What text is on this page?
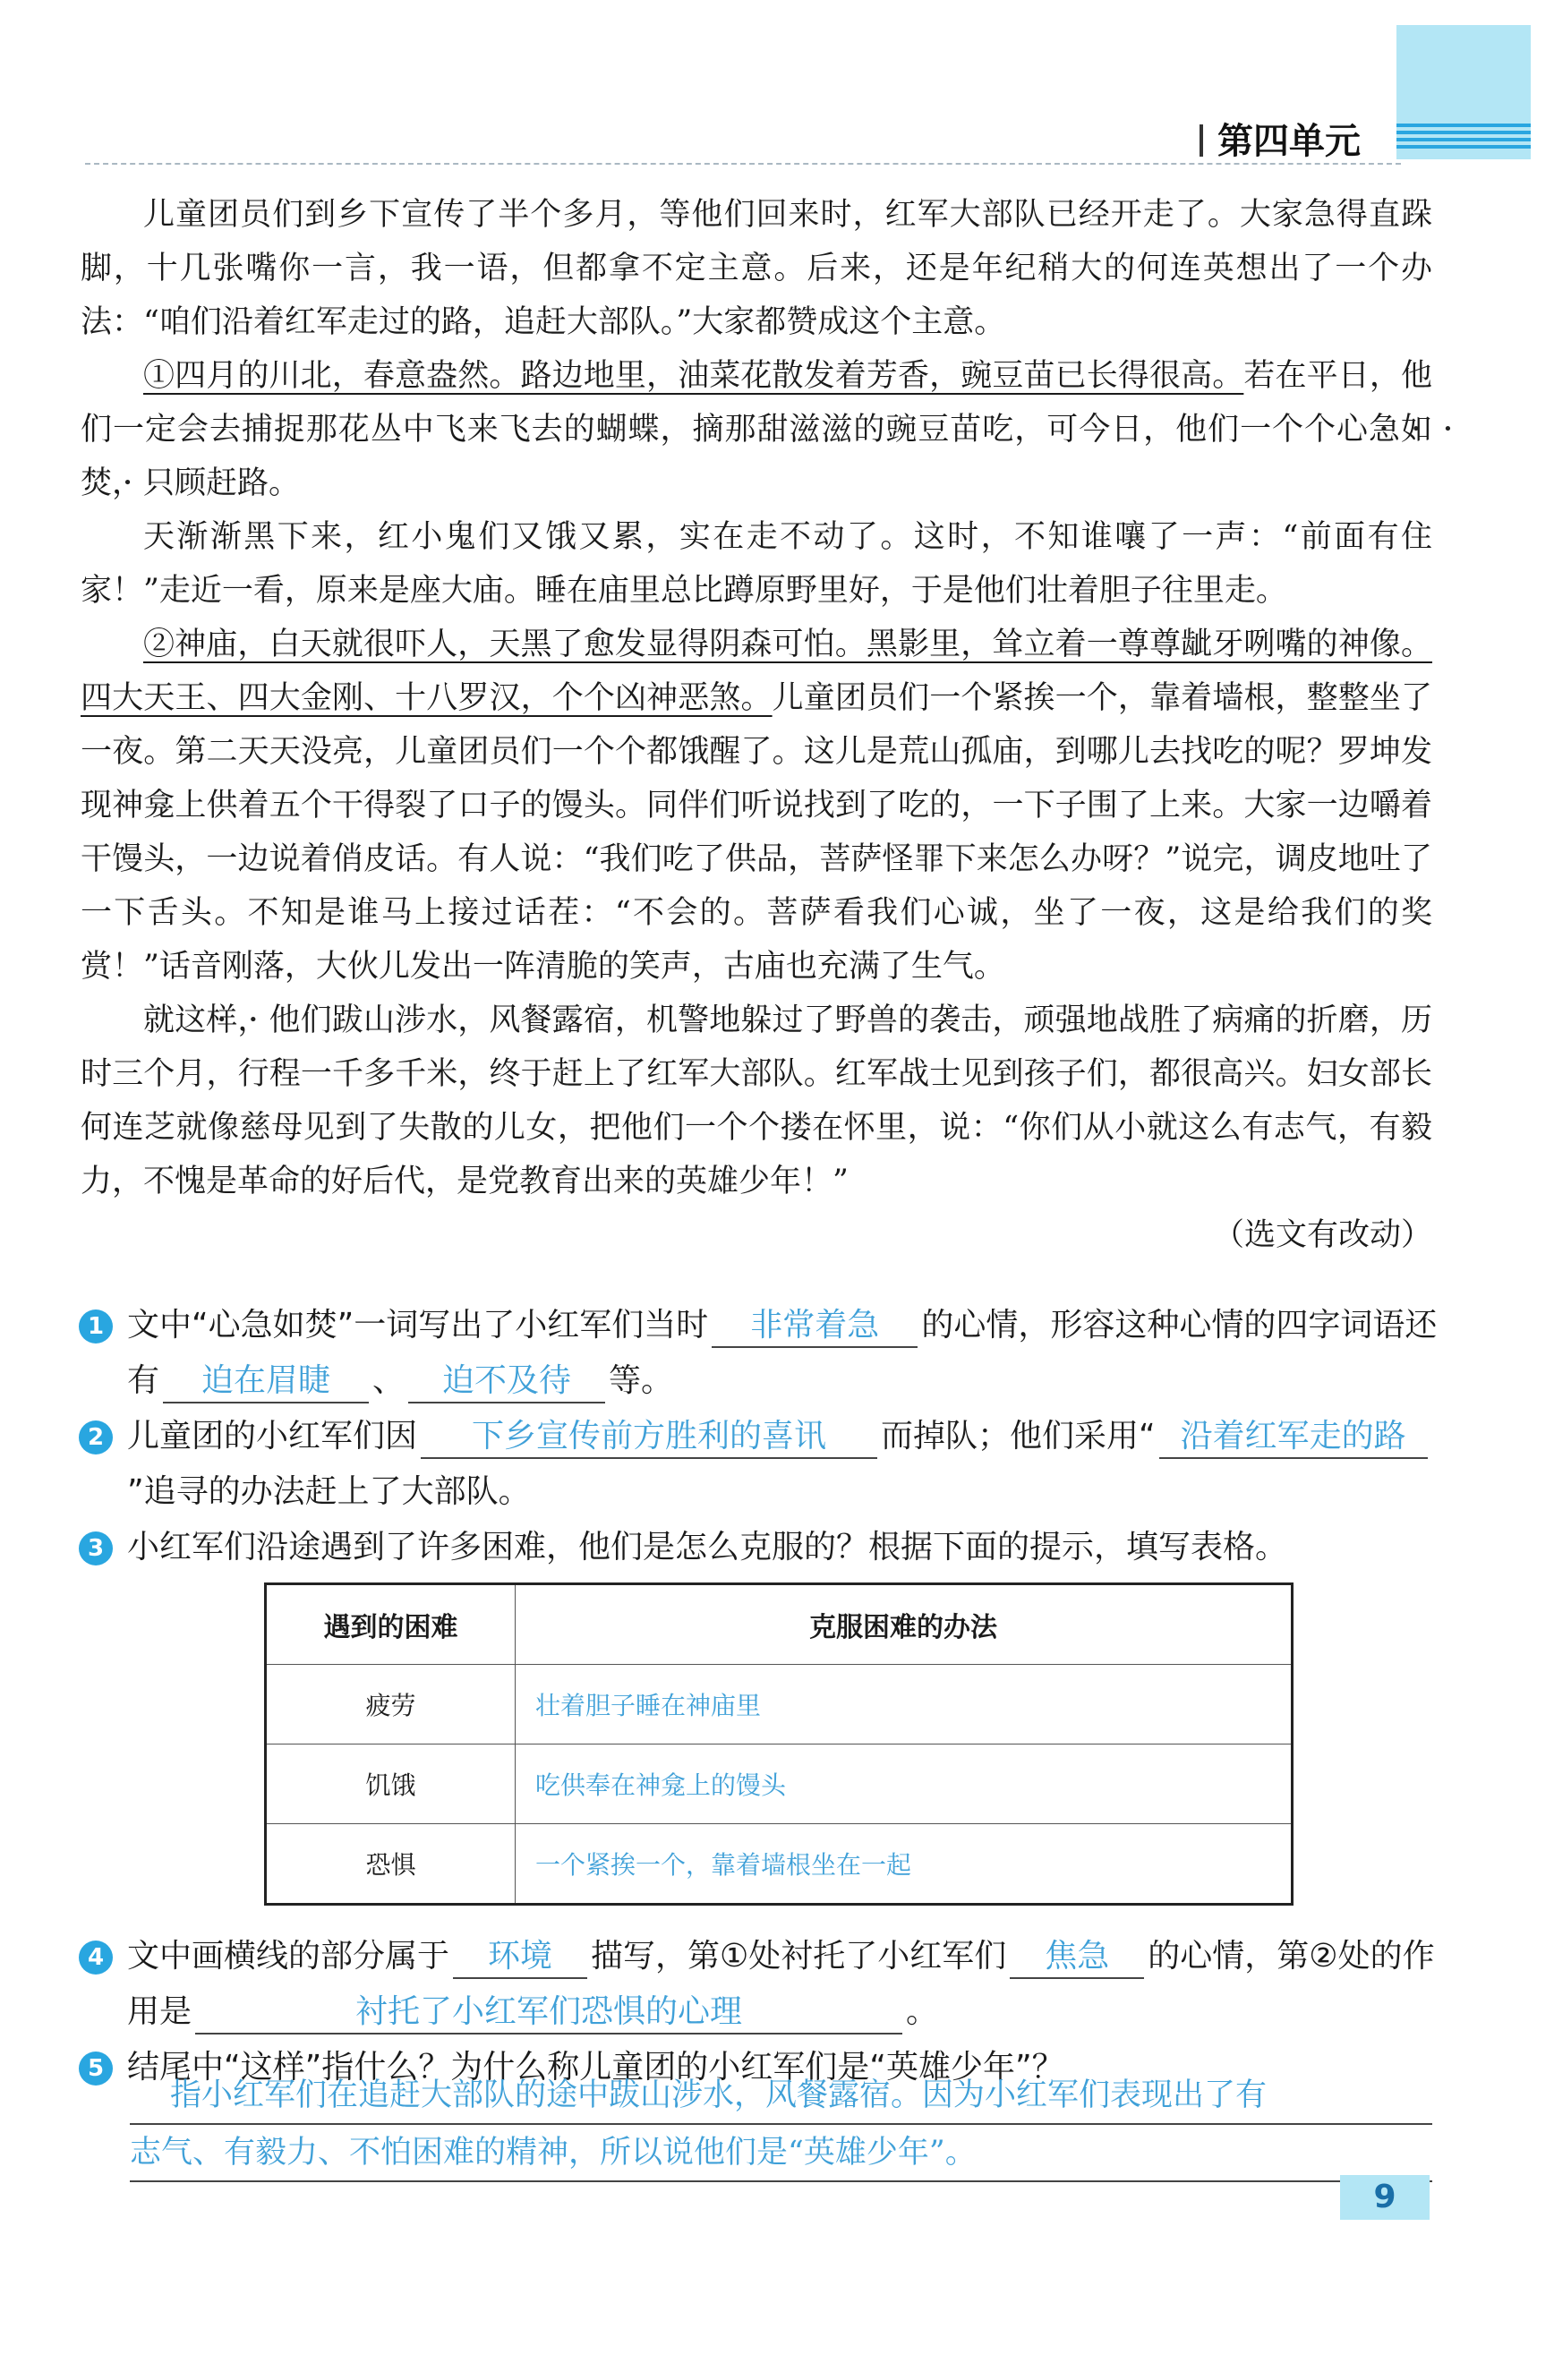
第四单元

儿童团员们到乡下宣传了半个多月，等他们回来时，红军大部队已经开走了。大家急得直跺脚，十几张嘴你一言，我一语，但都拿不定主意。后来，还是年纪稍大的何连英想出了一个办法：“咱们沿着红军走过的路，追赶大部队。”大家都赞成这个主意。

①四月的川北，春意盎然。路边地里，油菜花散发着芳香，豌豆苗已长得很高。若在平日，他们一定会去捕捉那花丛中飞来飞去的蝴蝶，摘那甜滋滋的豌豆苗吃，可今日，他们一个个心 •急 •如 •焚 •，只顾赶路。

天渐渐黑下来，红小鬼们又饿又累，实在走不动了。这时，不知谁嚷了一声：“前面有住家！”走近一看，原来是座大庙。睡在庙里总比蹲原野里好，于是他们壮着胆子往里走。

②神庙，白天就很吓人，天黑了愈发显得阴森可怕。黑影里，耸立着一尊尊龇牙咧嘴的神像。四大天王、四大金刚、十八罗汉，个个凶神恶煞。儿童团员们一个紧挨一个，靠着墙根，整整坐了一夜。第二天天没亮，儿童团员们一个个都饿醒了。这儿是荒山孤庙，到哪儿去找吃的呢？罗坤发现神龛上供着五个干得裂了口子的馒头。同伴们听说找到了吃的，一下子围了上来。大家一边嚼着干馒头，一边说着俏皮话。有人说：“我们吃了供品，菩萨怪罪下来怎么办呀？”说完，调皮地吐了一下舌头。不知是谁马上接过话茬：“不会的。菩萨看我们心诚，坐了一夜，这是给我们的奖赏！”话音刚落，大伙儿发出一阵清脆的笑声，古庙也充满了生气。

就这 •样 •，他们跋山涉水，风餐露宿，机警地躲过了野兽的袭击，顽强地战胜了病痛的折磨，历时三个月，行程一千多千米，终于赶上了红军大部队。红军战士见到孩子们，都很高兴。妇女部长何连芝就像慈母见到了失散的儿女，把他们一个个搂在怀里，说：“你们从小就这么有志气，有毅力，不愧是革命的好后代，是党教育出来的英雄少年！”

（选文有改动）

1 文中“心急如焚”一词写出了小红军们当时 非常着急 的心情，形容这种心情的四字词语还有 迫在眉睫 、 迫不及待 等。
2 儿童团的小红军们因 下乡宣传前方胜利的喜讯 而掉队；他们采用“ 沿着红军走的路”追寻的办法赶上了大部队。
3 小红军们沿途遇到了许多困难，他们是怎么克服的？根据下面的提示，填写表格。
遇到的困难	克服困难的办法
疲劳	壮着胆子睡在神庙里
饥饿	吃供奉在神龛上的馒头
恐惧	一个紧挨一个，靠着墙根坐在一起
4 文中画横线的部分属于 环境 描写，第①处衬托了小红军们 焦急 的心情，第②处的作用是	衬托了小红军们恐惧的心理	。
5 结尾中“这样”指什么？为什么称儿童团的小红军们是“英雄少年”？
指小红军们在追赶大部队的途中跋山涉水，风餐露宿。因为小红军们表现出了有
志气、有毅力、不怕困难的精神，所以说他们是“英雄少年”。
9
